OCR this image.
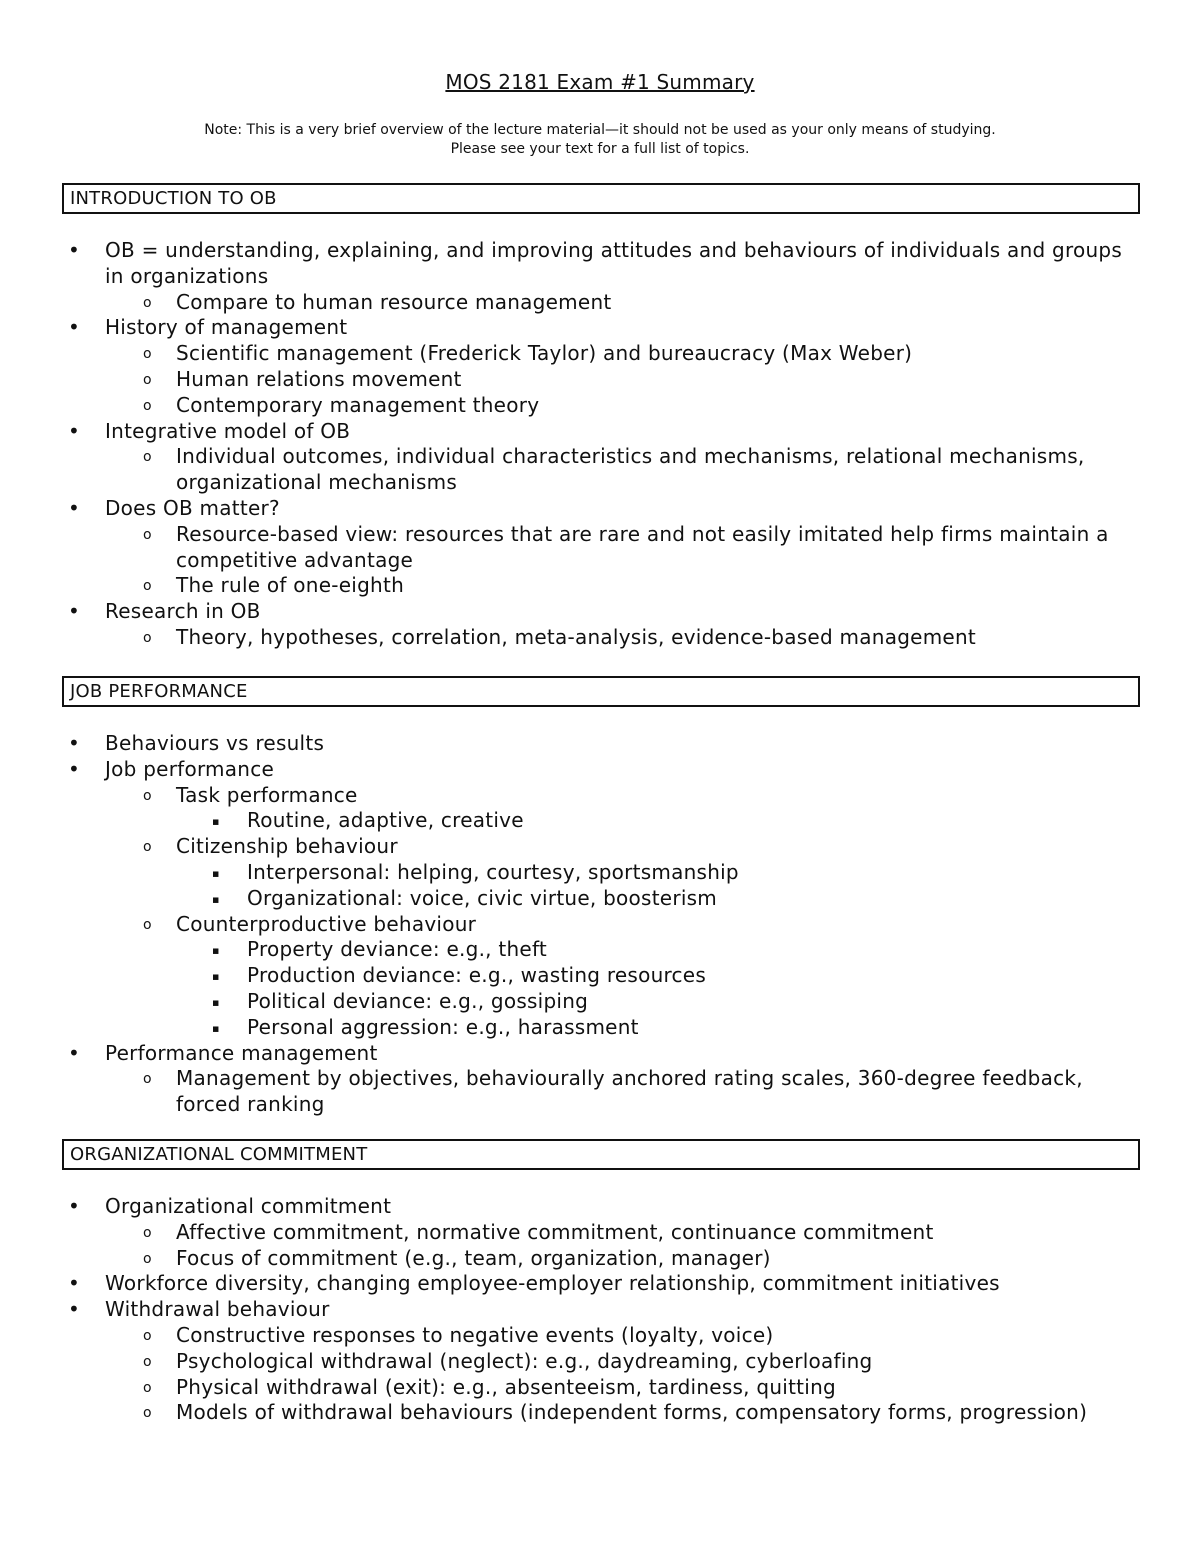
MOS 2181 Exam #1 Summary
Note: This is a very brief overview of the lecture material—it should not be used as your only means of studying.
Please see your text for a full list of topics.
INTRODUCTION TO OB
• OB = understanding, explaining, and improving attitudes and behaviours of individuals and groups in organizations
o Compare to human resource management
• History of management
o Scientific management (Frederick Taylor) and bureaucracy (Max Weber)
o Human relations movement
o Contemporary management theory
• Integrative model of OB
o Individual outcomes, individual characteristics and mechanisms, relational mechanisms, organizational mechanisms
• Does OB matter?
o Resource-based view: resources that are rare and not easily imitated help firms maintain a competitive advantage
o The rule of one-eighth
• Research in OB
o Theory, hypotheses, correlation, meta-analysis, evidence-based management
JOB PERFORMANCE
• Behaviours vs results
• Job performance
o Task performance
▪ Routine, adaptive, creative
o Citizenship behaviour
▪ Interpersonal: helping, courtesy, sportsmanship
▪ Organizational: voice, civic virtue, boosterism
o Counterproductive behaviour
▪ Property deviance: e.g., theft
▪ Production deviance: e.g., wasting resources
▪ Political deviance: e.g., gossiping
▪ Personal aggression: e.g., harassment
• Performance management
o Management by objectives, behaviourally anchored rating scales, 360-degree feedback, forced ranking
ORGANIZATIONAL COMMITMENT
• Organizational commitment
o Affective commitment, normative commitment, continuance commitment
o Focus of commitment (e.g., team, organization, manager)
• Workforce diversity, changing employee-employer relationship, commitment initiatives
• Withdrawal behaviour
o Constructive responses to negative events (loyalty, voice)
o Psychological withdrawal (neglect): e.g., daydreaming, cyberloafing
o Physical withdrawal (exit): e.g., absenteeism, tardiness, quitting
o Models of withdrawal behaviours (independent forms, compensatory forms, progression)
